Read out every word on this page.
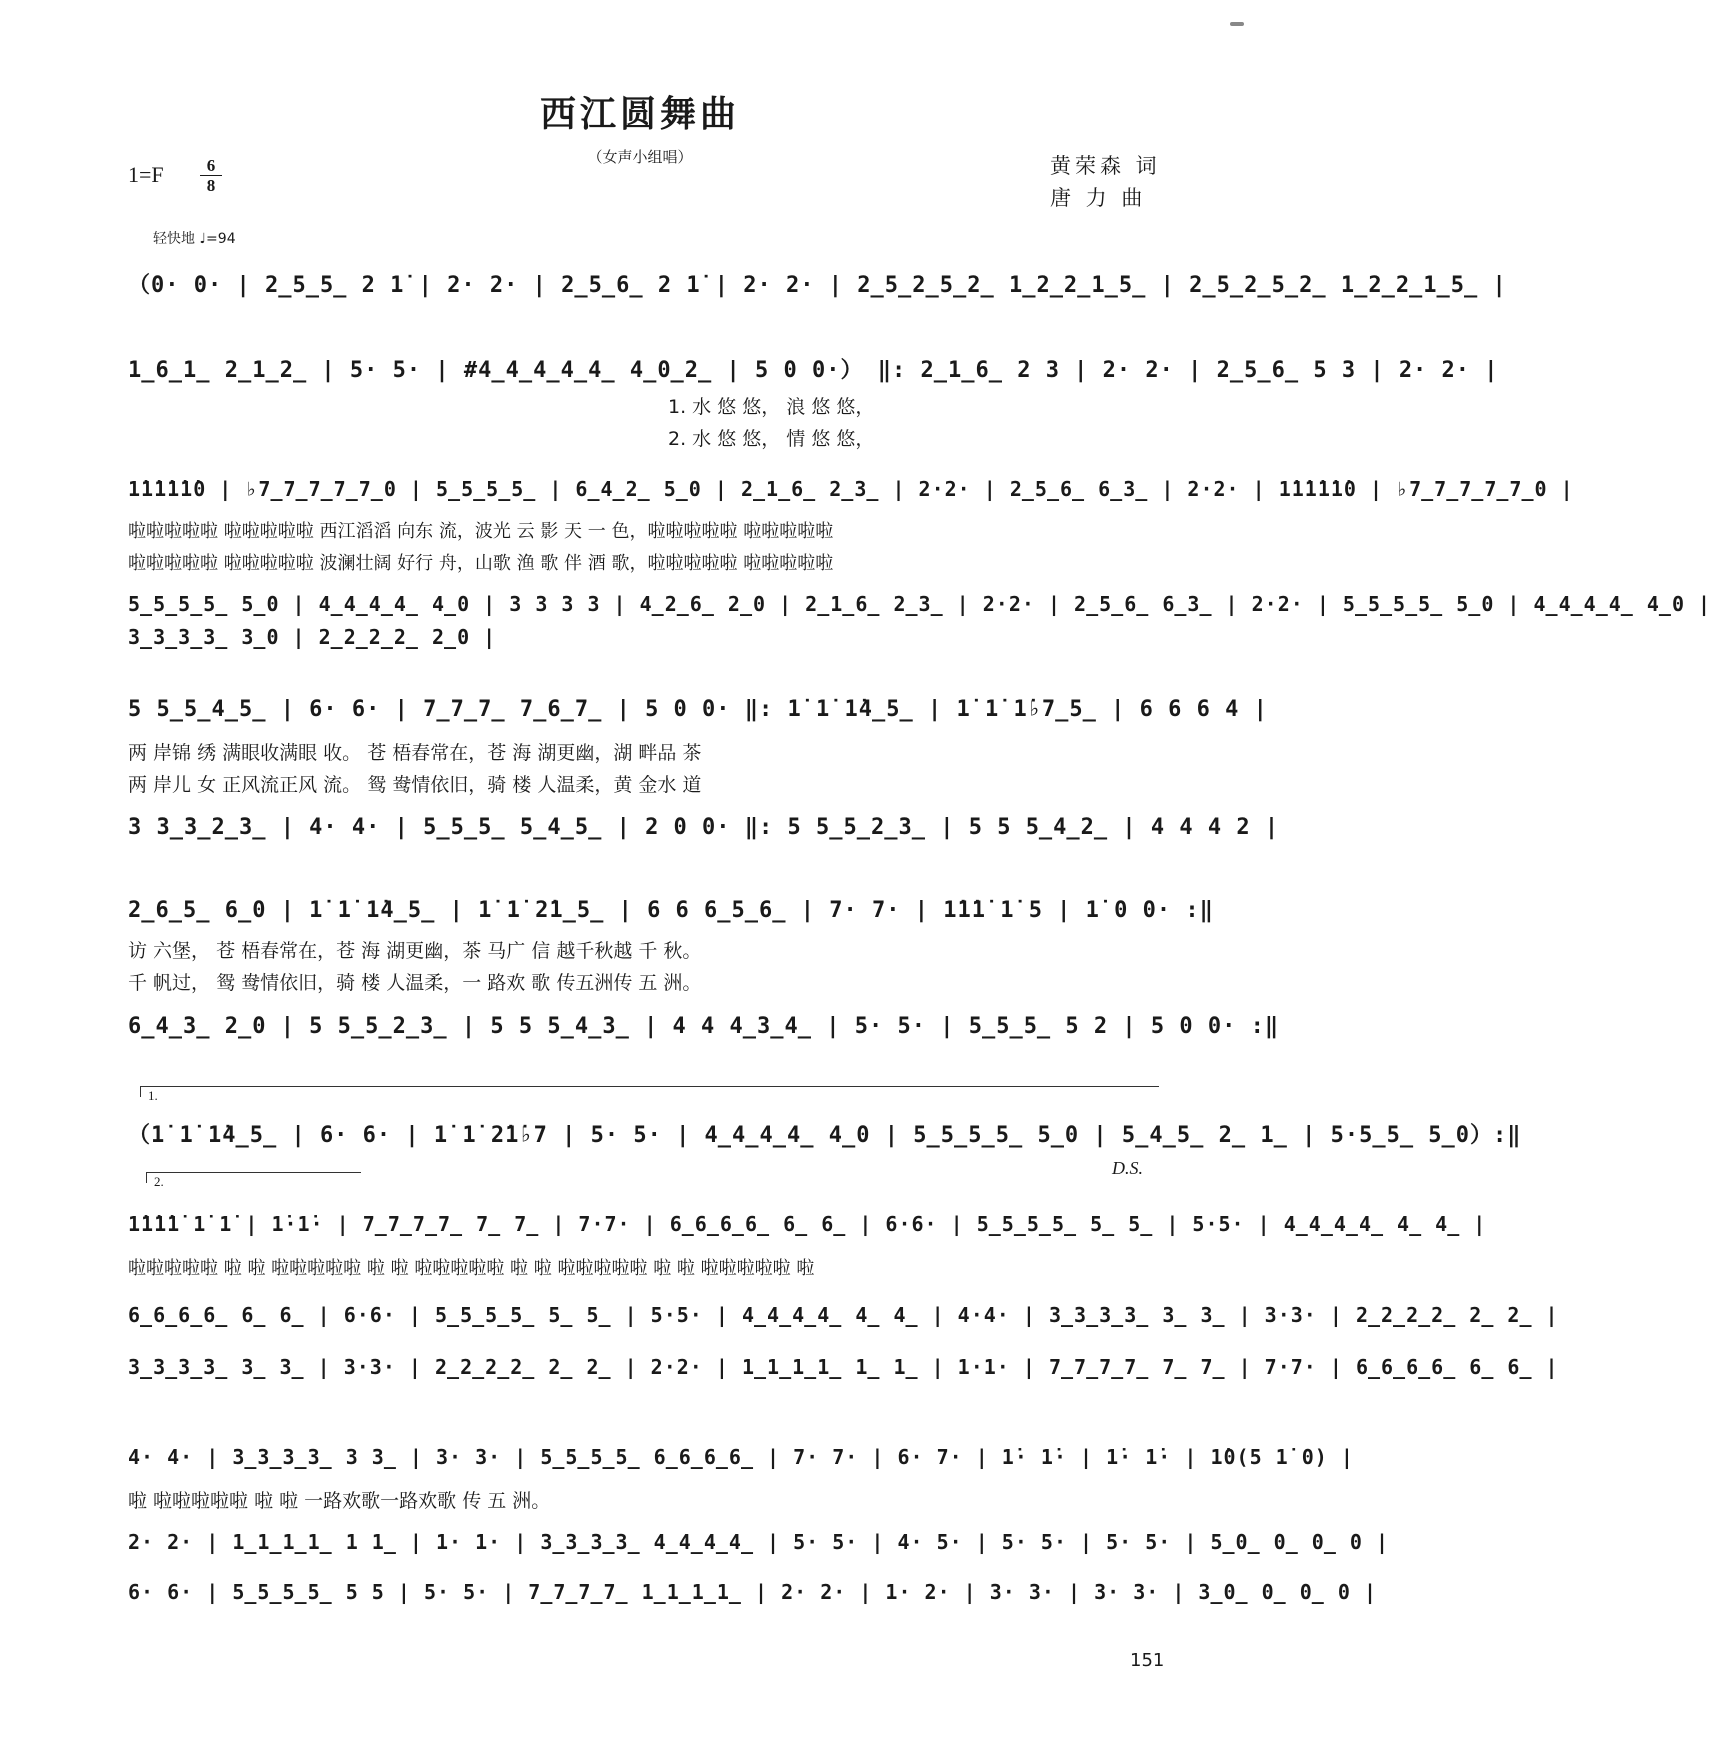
西江圆舞曲
（女声小组唱）
1=F	6
8
黄荣森 词
唐 力 曲
轻快地 ♩=94
（0· 0· | 2̲5̲5̲ 2 1̇ | 2· 2· | 2̲5̲6̲ 2 1̇ | 2· 2· | 2̲5̲2̲5̲2̲ 1̲2̲2̲1̲5̲ | 2̲5̲2̲5̲2̲ 1̲2̲2̲1̲5̲ |
1̲6̲1̲ 2̲1̲2̲ | 5· 5· | #4̲4̲4̲4̲4̲ 4̲0̲2̲ | 5 0 0·） ‖: 2̲1̲6̲ 2 3 | 2· 2· | 2̲5̲6̲ 5 3 | 2· 2· |
1. 水 悠 悠， 浪 悠 悠，
2. 水 悠 悠， 情 悠 悠，
1̇1̇1̇1̇1̇0 | ♭7̲7̲7̲7̲7̲0 | 5̲5̲5̲5̲ | 6̲4̲2̲ 5̲0 | 2̲1̲6̲ 2̲3̲ | 2·2· | 2̲5̲6̲ 6̲3̲ | 2·2· | 1̇1̇1̇1̇1̇0 | ♭7̲7̲7̲7̲7̲0 |
啦啦啦啦啦 啦啦啦啦啦 西江滔滔 向东 流，波光 云 影 天 一 色，啦啦啦啦啦 啦啦啦啦啦
啦啦啦啦啦 啦啦啦啦啦 波澜壮阔 好行 舟，山歌 渔 歌 伴 酒 歌，啦啦啦啦啦 啦啦啦啦啦
5̲5̲5̲5̲ 5̲0 | 4̲4̲4̲4̲ 4̲0 | 3 3 3 3 | 4̲2̲6̲ 2̲0 | 2̲1̲6̲ 2̲3̲ | 2·2· | 2̲5̲6̲ 6̲3̲ | 2·2· | 5̲5̲5̲5̲ 5̲0 | 4̲4̲4̲4̲ 4̲0 |
3̲3̲3̲3̲ 3̲0 | 2̲2̲2̲2̲ 2̲0 |
5 5̲5̲4̲5̲ | 6· 6· | 7̲7̲7̲ 7̲6̲7̲ | 5 0 0· ‖: 1̇ 1̇ 1̇4̲5̲ | 1̇ 1̇ 1̇♭7̲5̲ | 6 6 6 4 |
两 岸锦 绣 满眼收满眼 收。 苍 梧春常在，苍 海 湖更幽，湖 畔品 茶
两 岸儿 女 正风流正风 流。 鸳 鸯情依旧，骑 楼 人温柔，黄 金水 道
3 3̲3̲2̲3̲ | 4· 4· | 5̲5̲5̲ 5̲4̲5̲ | 2 0 0· ‖: 5 5̲5̲2̲3̲ | 5 5 5̲4̲2̲ | 4 4 4 2 |
2̲6̲5̲ 6̲0 | 1̇ 1̇ 1̇4̲5̲ | 1̇ 1̇ 2̇1̲5̲ | 6 6 6̲5̲6̲ | 7· 7· | 1̇1̇1̇ 1̇ 5 | 1̇ 0 0· :‖
访 六堡， 苍 梧春常在，苍 海 湖更幽，茶 马广 信 越千秋越 千 秋。
千 帆过， 鸳 鸯情依旧，骑 楼 人温柔，一 路欢 歌 传五洲传 五 洲。
6̲4̲3̲ 2̲0 | 5 5̲5̲2̲3̲ | 5 5 5̲4̲3̲ | 4 4 4̲3̲4̲ | 5· 5· | 5̲5̲5̲ 5 2 | 5 0 0· :‖
1.
（1̇ 1̇ 1̇4̲5̲ | 6· 6· | 1̇ 1̇ 2̇1̇♭7 | 5· 5· | 4̲4̲4̲4̲ 4̲0 | 5̲5̲5̲5̲ 5̲0 | 5̲4̲5̲ 2̲ 1̲ | 5·5̲5̲ 5̲0）:‖
D.S.
2.
1̇1̇1̇1̇ 1̇ 1̇ | 1̇·1̇· | 7̲7̲7̲7̲ 7̲ 7̲ | 7·7· | 6̲6̲6̲6̲ 6̲ 6̲ | 6·6· | 5̲5̲5̲5̲ 5̲ 5̲ | 5·5· | 4̲4̲4̲4̲ 4̲ 4̲ |
啦啦啦啦啦 啦 啦 啦啦啦啦啦 啦 啦 啦啦啦啦啦 啦 啦 啦啦啦啦啦 啦 啦 啦啦啦啦啦 啦
6̲6̲6̲6̲ 6̲ 6̲ | 6·6· | 5̲5̲5̲5̲ 5̲ 5̲ | 5·5· | 4̲4̲4̲4̲ 4̲ 4̲ | 4·4· | 3̲3̲3̲3̲ 3̲ 3̲ | 3·3· | 2̲2̲2̲2̲ 2̲ 2̲ |
3̲3̲3̲3̲ 3̲ 3̲ | 3·3· | 2̲2̲2̲2̲ 2̲ 2̲ | 2·2· | 1̲1̲1̲1̲ 1̲ 1̲ | 1·1· | 7̲7̲7̲7̲ 7̲ 7̲ | 7·7· | 6̲6̲6̲6̲ 6̲ 6̲ |
4· 4· | 3̲3̲3̲3̲ 3 3̲ | 3· 3· | 5̲5̲5̲5̲ 6̲6̲6̲6̲ | 7· 7· | 6· 7· | 1̇· 1̇· | 1̇· 1̇· | 1̇0(5 1̇ 0) |
啦 啦啦啦啦啦 啦 啦 一路欢歌一路欢歌 传 五 洲。
2· 2· | 1̲1̲1̲1̲ 1 1̲ | 1· 1· | 3̲3̲3̲3̲ 4̲4̲4̲4̲ | 5· 5· | 4· 5· | 5· 5· | 5· 5· | 5̲0̲ 0̲ 0̲ 0 |
6· 6· | 5̲5̲5̲5̲ 5 5 | 5· 5· | 7̲7̲7̲7̲ 1̲1̲1̲1̲ | 2· 2· | 1· 2· | 3· 3· | 3· 3· | 3̲0̲ 0̲ 0̲ 0 |
151
